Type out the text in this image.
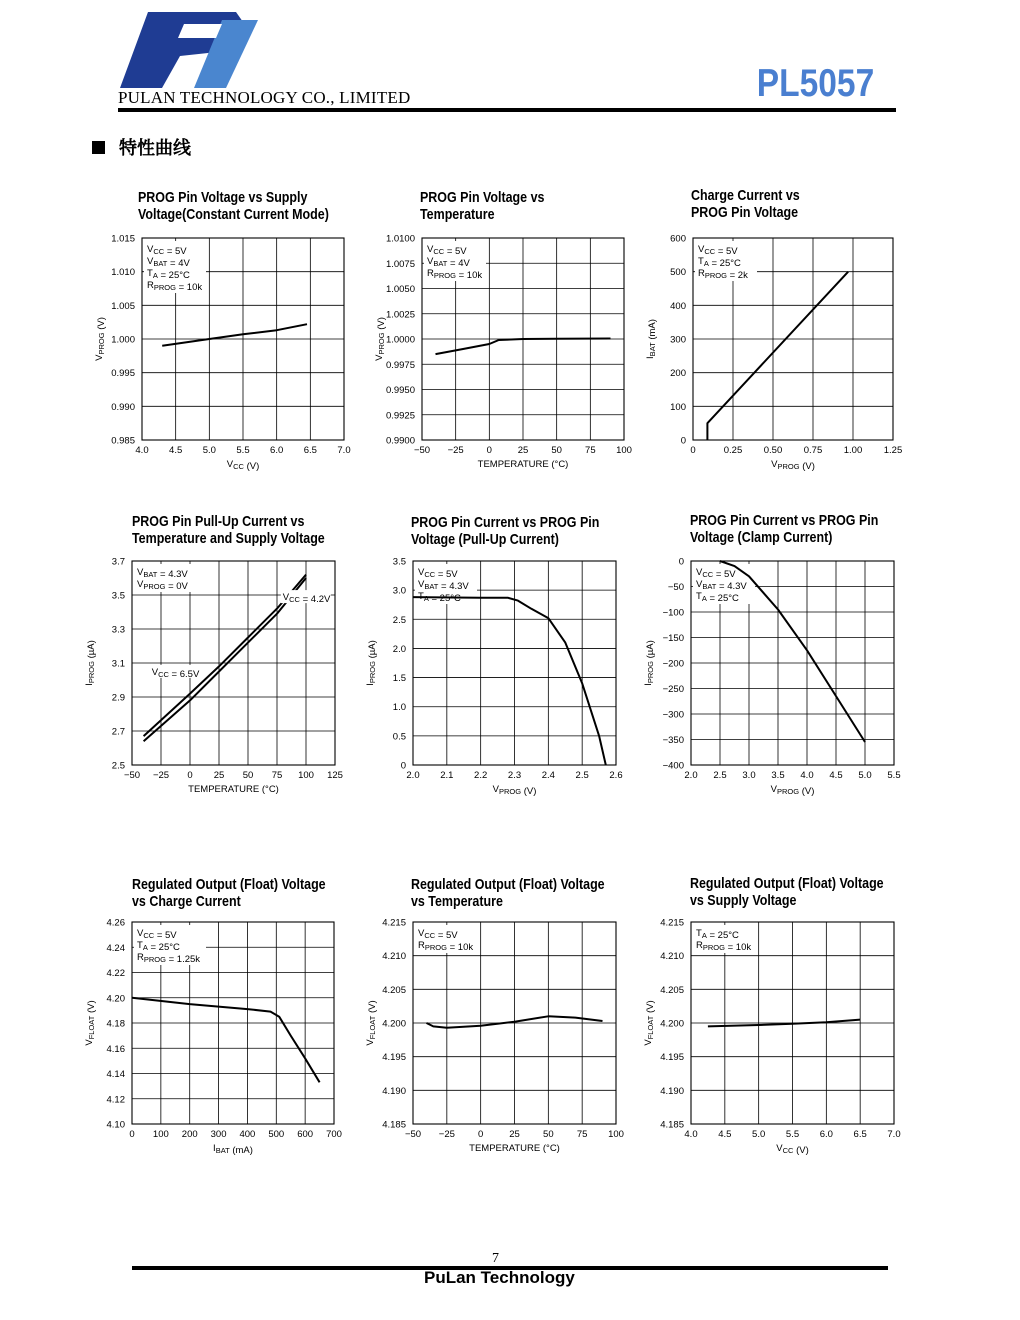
PULAN TECHNOLOGY CO., LIMITED	PL5057
特性曲线
PROG Pin Voltage vs Supply
Voltage(Constant Current Mode)
4.0 4.5 5.0 5.5 6.0 6.5 7.0
0.985
0.990
0.995
1.000
1.005
1.010
1.015
$V_{CC}$ (V)
$V_{PROG}$ (V)
$V_{CC} = 5V$
$V_{BAT} = 4V$
$T_A = 25^\circ C$
$R_{PROG} = 10k$
PROG Pin Voltage vs
Temperature
−50 −25 0	25 50 75 100
0.9900
0.9925
0.9950
0.9975
1.0000
1.0025
1.0050
1.0075
1.0100
TEMPERATURE (°C)
$V_{PROG}$ (V)
$V_{CC} = 5V$
$V_{BAT} = 4V$
$R_{PROG} = 10k$
Charge Current vs
PROG Pin Voltage
0	0.25 0.50 0.75 1.00 1.25
0
100
200
300
400
500
600
$V_{PROG}$ (V)
$I_{BAT}$ (mA)
$V_{CC} = 5V$
$T_A = 25^\circ C$
$R_{PROG} = 2k$
PROG Pin Pull-Up Current vs
Temperature and Supply Voltage
−50 −25 0 25 50 75 100 125
2.5
2.7
2.9
3.1
3.3
3.5
3.7
TEMPERATURE (°C)
$I_{PROG}$ (µA)
$V_{BAT} = 4.3V$
$V_{PROG} = 0V$
$V_{CC} = 4.2V$
$V_{CC} = 6.5V$
PROG Pin Current vs PROG Pin
Voltage (Pull-Up Current)
2.0 2.1 2.2 2.3 2.4 2.5 2.6
0
0.5
1.0
1.5
2.0
2.5
3.0
3.5
$V_{PROG}$ (V)
$I_{PROG}$ (µA)
$V_{CC} = 5V$
$V_{BAT} = 4.3V$
$T_A = 25^\circ C$
PROG Pin Current vs PROG Pin
Voltage (Clamp Current)
2.0 2.5 3.0 3.5 4.0 4.5 5.0 5.5
−400
−350
−300
−250
−200
−150
−100
−50
0
$V_{PROG}$ (V)
$I_{PROG}$ (µA)
$V_{CC} = 5V$
$V_{BAT} = 4.3V$
$T_A = 25^\circ C$
Regulated Output (Float) Voltage
vs Charge Current
0 100 200 300 400 500 600 700
4.10
4.12
4.14
4.16
4.18
4.20
4.22
4.24
4.26
$I_{BAT}$ (mA)
$V_{FLOAT}$ (V)
$V_{CC} = 5V$
$T_A = 25^\circ C$
$R_{PROG} = 1.25k$
Regulated Output (Float) Voltage
vs Temperature
−50 −25 0	25 50 75 100
4.185
4.190
4.195
4.200
4.205
4.210
4.215
TEMPERATURE (°C)
$V_{FLOAT}$ (V)
$V_{CC} = 5V$
$R_{PROG} = 10k$
Regulated Output (Float) Voltage
vs Supply Voltage
4.0 4.5 5.0 5.5 6.0 6.5 7.0
4.185
4.190
4.195
4.200
4.205
4.210
4.215
$V_{CC}$ (V)
$V_{FLOAT}$ (V)
$T_A = 25^\circ C$
$R_{PROG} = 10k$
7
PuLan Technology
